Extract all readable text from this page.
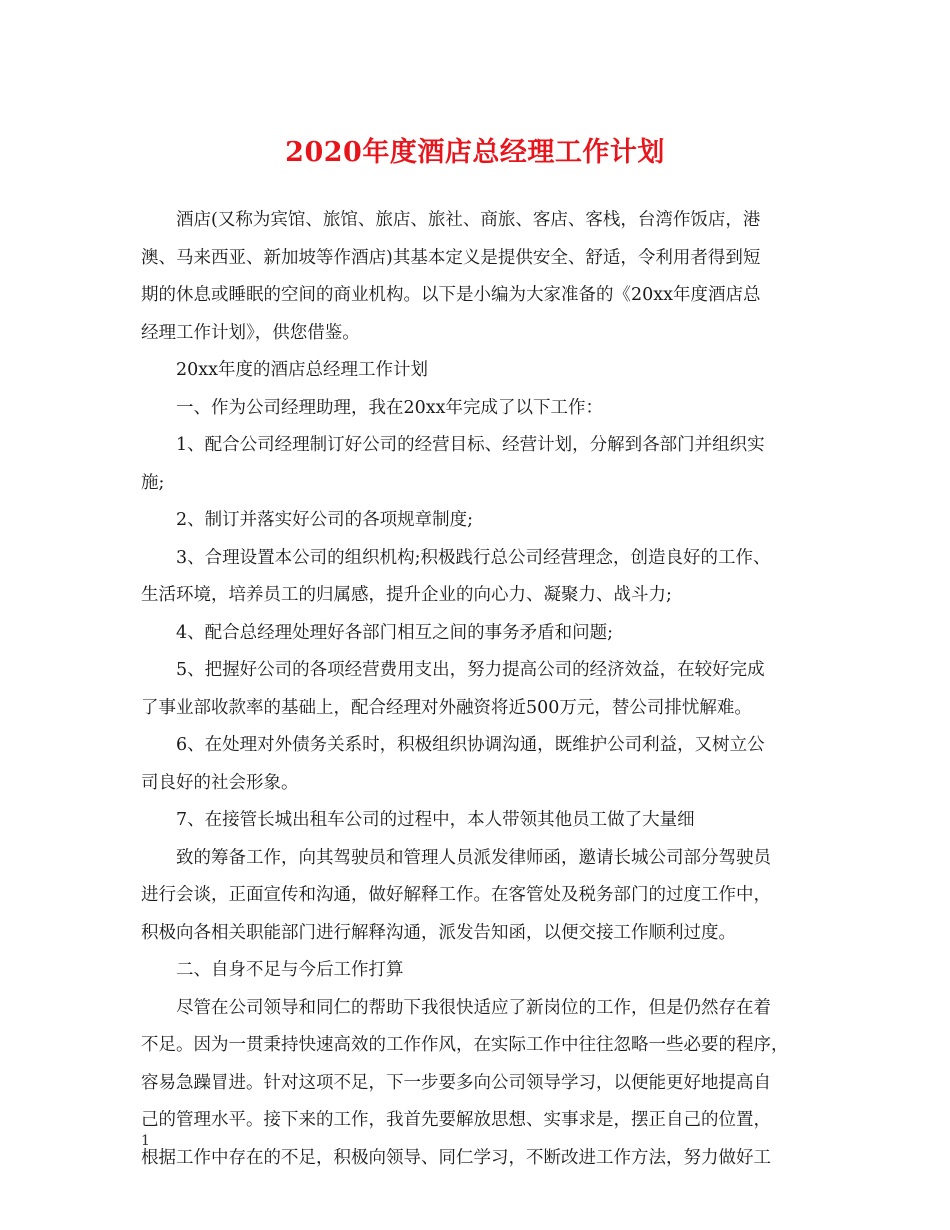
2020年度酒店总经理工作计划
酒店(又称为宾馆、旅馆、旅店、旅社、商旅、客店、客栈，台湾作饭店，港
澳、马来西亚、新加坡等作酒店)其基本定义是提供安全、舒适，令利用者得到短
期的休息或睡眠的空间的商业机构。以下是小编为大家准备的《20xx年度酒店总
经理工作计划》，供您借鉴。
20xx年度的酒店总经理工作计划
一、作为公司经理助理，我在20xx年完成了以下工作：
1、配合公司经理制订好公司的经营目标、经营计划，分解到各部门并组织实
施;
2、制订并落实好公司的各项规章制度;
3、合理设置本公司的组织机构;积极践行总公司经营理念，创造良好的工作、
生活环境，培养员工的归属感，提升企业的向心力、凝聚力、战斗力;
4、配合总经理处理好各部门相互之间的事务矛盾和问题;
5、把握好公司的各项经营费用支出，努力提高公司的经济效益，在较好完成
了事业部收款率的基础上，配合经理对外融资将近500万元，替公司排忧解难。
6、在处理对外债务关系时，积极组织协调沟通，既维护公司利益，又树立公
司良好的社会形象。
7、在接管长城出租车公司的过程中，本人带领其他员工做了大量细
致的筹备工作，向其驾驶员和管理人员派发律师函，邀请长城公司部分驾驶员
进行会谈，正面宣传和沟通，做好解释工作。在客管处及税务部门的过度工作中，
积极向各相关职能部门进行解释沟通，派发告知函，以便交接工作顺利过度。
二、自身不足与今后工作打算
尽管在公司领导和同仁的帮助下我很快适应了新岗位的工作，但是仍然存在着
不足。因为一贯秉持快速高效的工作作风，在实际工作中往往忽略一些必要的程序，
容易急躁冒进。针对这项不足，下一步要多向公司领导学习，以便能更好地提高自
己的管理水平。接下来的工作，我首先要解放思想、实事求是，摆正自己的位置，
根据工作中存在的不足，积极向领导、同仁学习，不断改进工作方法，努力做好工
1
